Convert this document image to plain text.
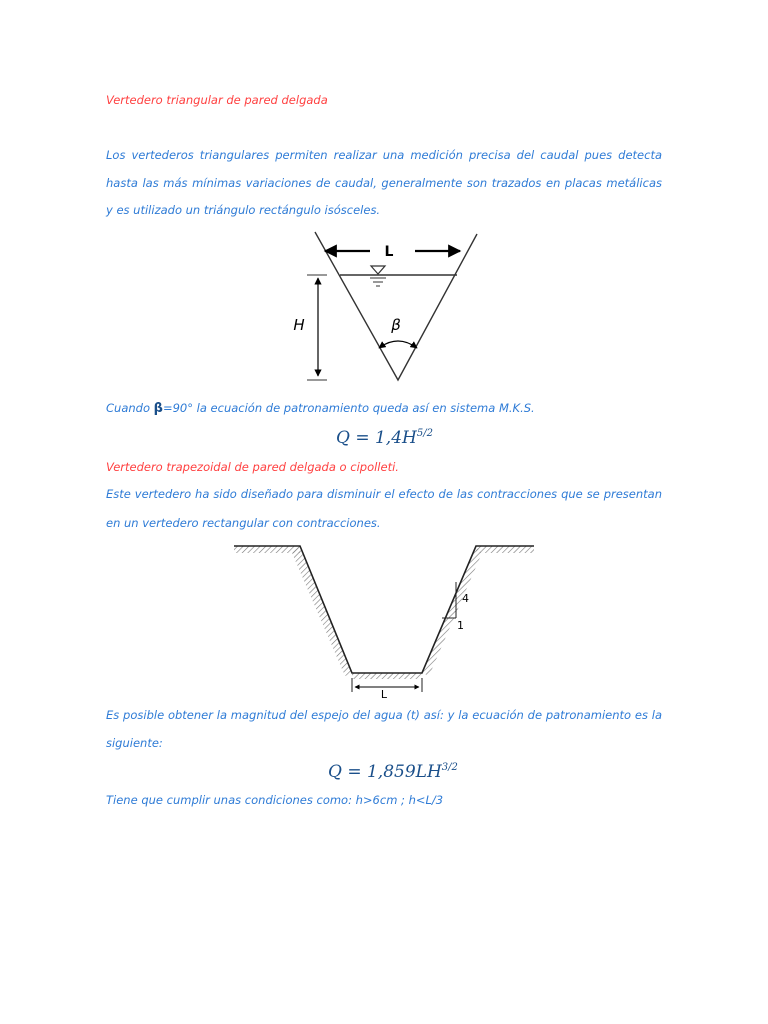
Vertedero triangular de pared delgada
Los vertederos triangulares permiten realizar una medición precisa del caudal pues detecta
hasta las más mínimas variaciones de caudal, generalmente son trazados en placas metálicas
y es utilizado un triángulo rectángulo isósceles.
L
H	β
Cuando β=90° la ecuación de patronamiento queda así en sistema M.K.S.
$Q = 1,4H^{5/2}$
Vertedero trapezoidal de pared delgada o cipolleti.
Este vertedero ha sido diseñado para disminuir el efecto de las contracciones que se presentan
en un vertedero rectangular con contracciones.
4
1
L
Es posible obtener la magnitud del espejo del agua (t) así: y la ecuación de patronamiento es la
siguiente:
$Q = 1,859LH^{3/2}$
Tiene que cumplir unas condiciones como: h>6cm ; h<L/3
